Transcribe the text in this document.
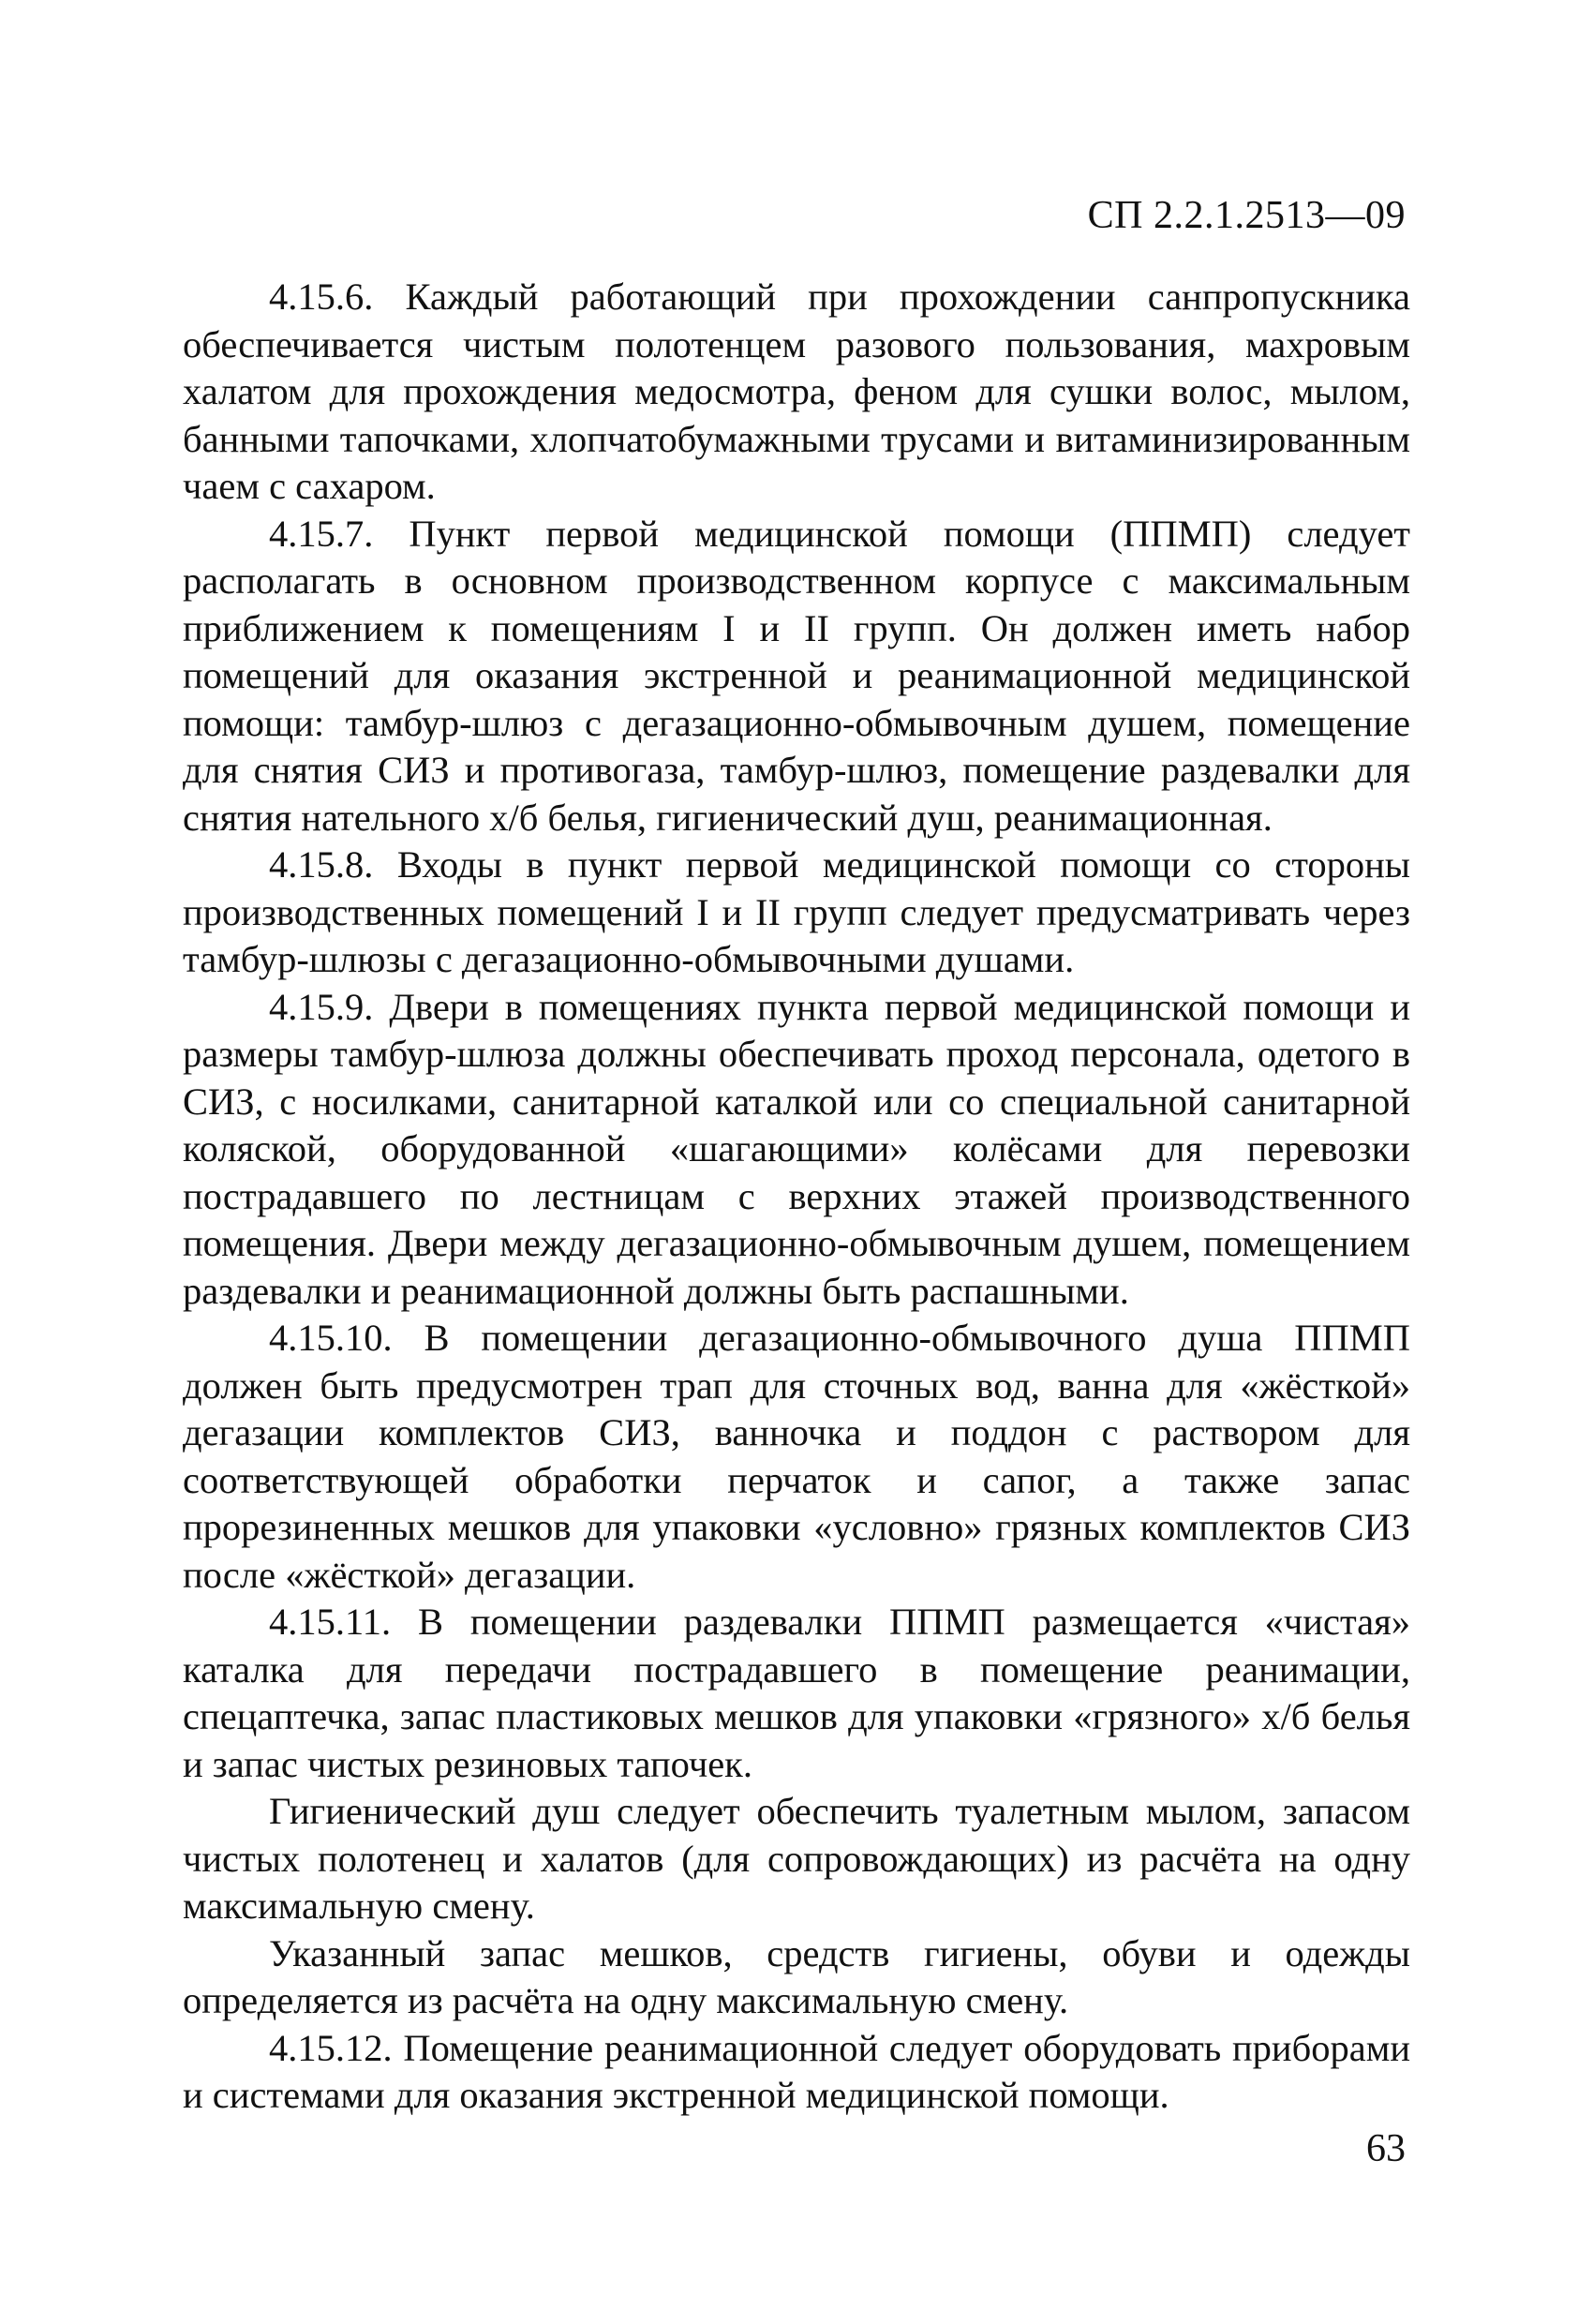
СП 2.2.1.2513—09

4.15.6. Каждый работающий при прохождении санпропускника обеспечивается чистым полотенцем разового пользования, махровым халатом для прохождения медосмотра, феном для сушки волос, мылом, банными тапочками, хлопчатобумажными трусами и витаминизированным чаем с сахаром.

4.15.7. Пункт первой медицинской помощи (ППМП) следует располагать в основном производственном корпусе с максимальным приближением к помещениям I и II групп. Он должен иметь набор помещений для оказания экстренной и реанимационной медицинской помощи: тамбур-шлюз с дегазационно-обмывочным душем, помещение для снятия СИЗ и противогаза, тамбур-шлюз, помещение раздевалки для снятия нательного х/б белья, гигиенический душ, реанимационная.

4.15.8. Входы в пункт первой медицинской помощи со стороны производственных помещений I и II групп следует предусматривать через тамбур-шлюзы с дегазационно-обмывочными душами.

4.15.9. Двери в помещениях пункта первой медицинской помощи и размеры тамбур-шлюза должны обеспечивать проход персонала, одетого в СИЗ, с носилками, санитарной каталкой или со специальной санитарной коляской, оборудованной «шагающими» колёсами для перевозки пострадавшего по лестницам с верхних этажей производственного помещения. Двери между дегазационно-обмывочным душем, помещением раздевалки и реанимационной должны быть распашными.

4.15.10. В помещении дегазационно-обмывочного душа ППМП должен быть предусмотрен трап для сточных вод, ванна для «жёсткой» дегазации комплектов СИЗ, ванночка и поддон с раствором для соответствующей обработки перчаток и сапог, а также запас прорезиненных мешков для упаковки «условно» грязных комплектов СИЗ после «жёсткой» дегазации.

4.15.11. В помещении раздевалки ППМП размещается «чистая» каталка для передачи пострадавшего в помещение реанимации, спецаптечка, запас пластиковых мешков для упаковки «грязного» х/б белья и запас чистых резиновых тапочек.

Гигиенический душ следует обеспечить туалетным мылом, запасом чистых полотенец и халатов (для сопровождающих) из расчёта на одну максимальную смену.

Указанный запас мешков, средств гигиены, обуви и одежды определяется из расчёта на одну максимальную смену.

4.15.12. Помещение реанимационной следует оборудовать приборами и системами для оказания экстренной медицинской помощи.

63
